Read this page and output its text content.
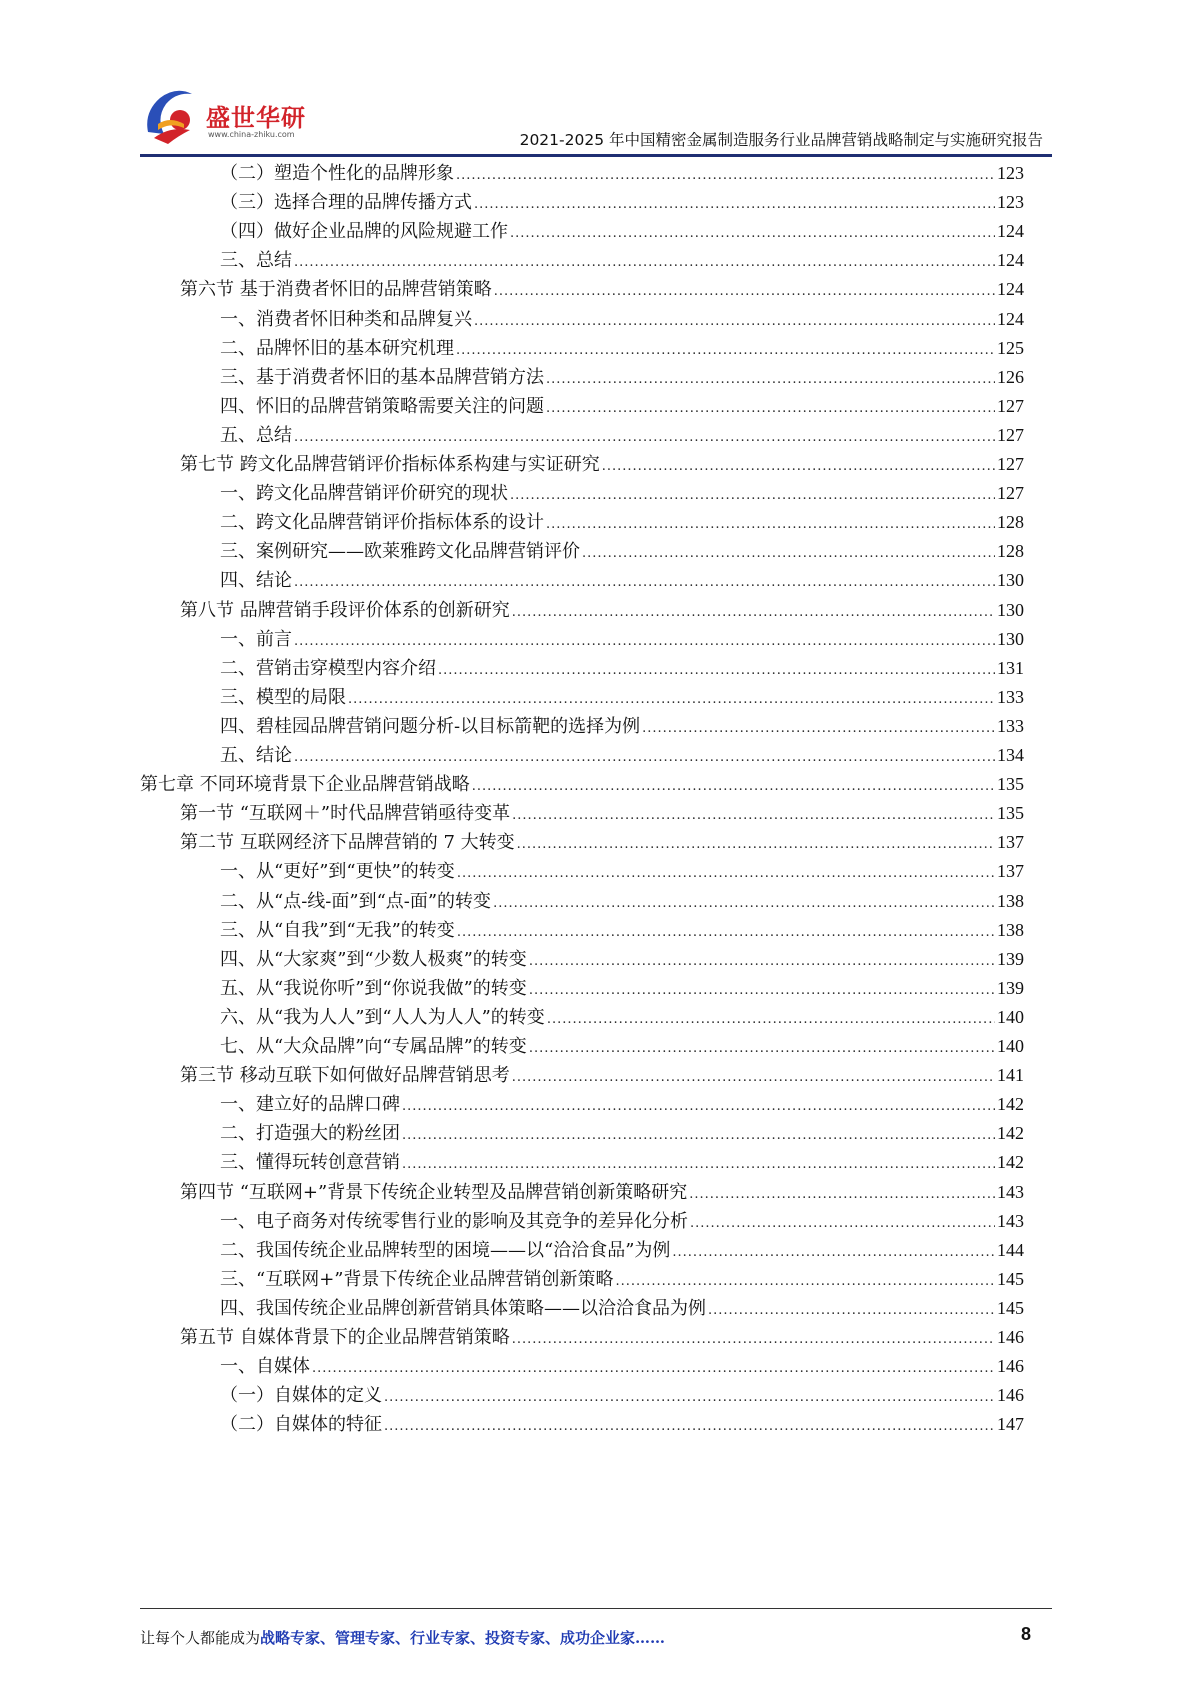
盛世华研
www.china-zhiku.com	2021-2025 年中国精密金属制造服务行业品牌营销战略制定与实施研究报告
（二）塑造个性化的品牌形象 .....	123
（三）选择合理的品牌传播方式 .....	123
（四）做好企业品牌的风险规避工作 .....	124
三、总结 .....	124
第六节 基于消费者怀旧的品牌营销策略 .....	124
一、消费者怀旧种类和品牌复兴 .....	124
二、品牌怀旧的基本研究机理 .....	125
三、基于消费者怀旧的基本品牌营销方法 .....	126
四、怀旧的品牌营销策略需要关注的问题 .....	127
五、总结 .....	127
第七节 跨文化品牌营销评价指标体系构建与实证研究 .....	127
一、跨文化品牌营销评价研究的现状 .....	127
二、跨文化品牌营销评价指标体系的设计 .....	128
三、案例研究——欧莱雅跨文化品牌营销评价 .....	128
四、结论 .....	130
第八节 品牌营销手段评价体系的创新研究 .....	130
一、前言 .....	130
二、营销击穿模型内容介绍 .....	131
三、模型的局限 .....	133
四、碧桂园品牌营销问题分析-以目标箭靶的选择为例 .....	133
五、结论 .....	134
第七章 不同环境背景下企业品牌营销战略 .....	135
第一节 “互联网＋”时代品牌营销亟待变革 .....	135
第二节 互联网经济下品牌营销的 7 大转变 .....	137
一、从“更好”到“更快”的转变 .....	137
二、从“点-线-面”到“点-面”的转变 .....	138
三、从“自我”到“无我”的转变 .....	138
四、从“大家爽”到“少数人极爽”的转变 .....	139
五、从“我说你听”到“你说我做”的转变 .....	139
六、从“我为人人”到“人人为人人”的转变 .....	140
七、从“大众品牌”向“专属品牌”的转变 .....	140
第三节 移动互联下如何做好品牌营销思考 .....	141
一、建立好的品牌口碑 .....	142
二、打造强大的粉丝团 .....	142
三、懂得玩转创意营销 .....	142
第四节 “互联网+”背景下传统企业转型及品牌营销创新策略研究 .....	143
一、电子商务对传统零售行业的影响及其竞争的差异化分析 .....	143
二、我国传统企业品牌转型的困境——以“洽洽食品”为例 .....	144
三、“互联网+”背景下传统企业品牌营销创新策略 .....	145
四、我国传统企业品牌创新营销具体策略——以洽洽食品为例 .....	145
第五节 自媒体背景下的企业品牌营销策略 .....	146
一、自媒体 .....	146
（一）自媒体的定义 .....	146
（二）自媒体的特征 .....	147
让每个人都能成为战略专家、管理专家、行业专家、投资专家、成功企业家……	8
